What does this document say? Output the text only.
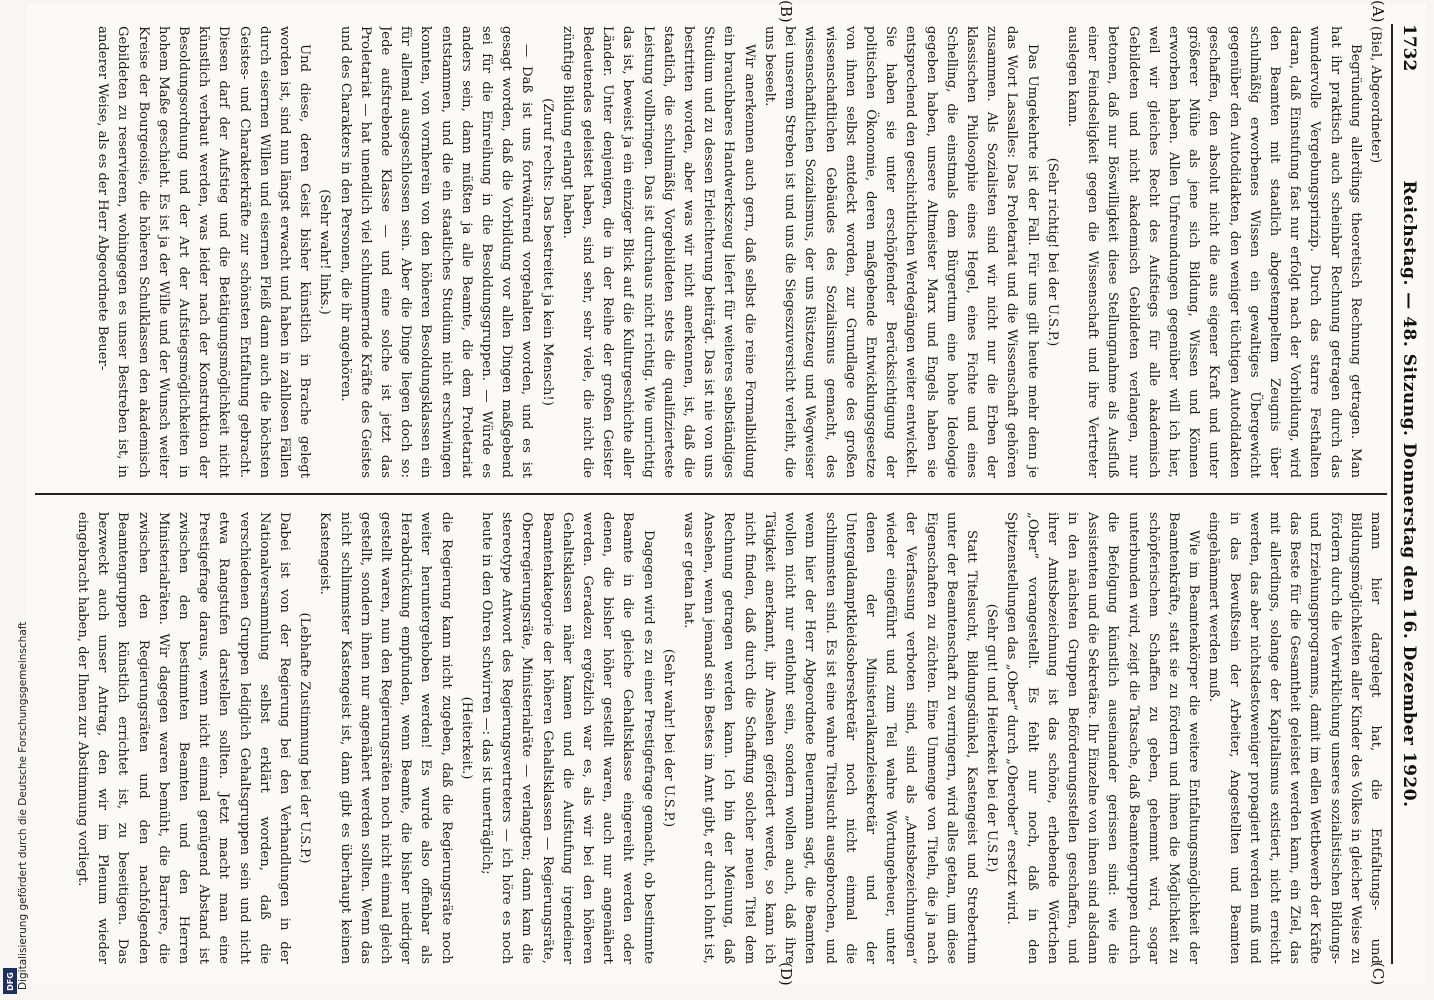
1732
Reichstag. — 48. Sitzung. Donnerstag den 16. Dezember 1920.
(A)
(B)
(C)
(D)

(Biel, Abgeordneter)

Begründung allerdings theoretisch Rechnung getragen. Man hat ihr praktisch auch scheinbar Rechnung getragen durch das wundervolle Vergebungsprinzip. Durch das starre Festhalten daran, daß Einstufung fast nur erfolgt nach der Vorbildung, wird den Beamten mit staatlich abgestempeltem Zeugnis über schulmäßig erworbenes Wissen ein gewaltiges Übergewicht gegenüber den Autodidakten, den weniger tüchtigen Autodidakten geschaffen, den absolut nicht die aus eigener Kraft und unter größerer Mühe als jene sich Bildung, Wissen und Können erworben haben. Allen Unfreundungen gegenüber will ich hier, weil wir gleiches Recht des Aufstiegs für alle akademisch Gebildeten und nicht akademisch Gebildeten verlangen, nur betonen, daß nur Böswilligkeit diese Stellungnahme als Ausfluß einer Feindseligkeit gegen die Wissenschaft und ihre Vertreter auslegen kann.

(Sehr richtig! bei der U.S.P.)

Das Umgekehrte ist der Fall. Für uns gilt heute mehr denn je das Wort Lassalles: Das Proletariat und die Wissenschaft gehören zusammen. Als Sozialisten sind wir nicht nur die Erben der klassischen Philosophie eines Hegel, eines Fichte und eines Schelling, die einstmals dem Bürgertum eine hohe Ideologie gegeben haben, unsere Altmeister Marx und Engels haben sie entsprechend den geschichtlichen Werdegängen weiter entwickelt. Sie haben sie unter erschöpfender Berücksichtigung der politischen Ökonomie, deren maßgebende Entwicklungsgesetze von ihnen selbst entdeckt worden, zur Grundlage des großen wissenschaftlichen Gebäudes des Sozialismus gemacht, des wissenschaftlichen Sozialismus, der uns Rüstzeug und Wegweiser bei unserem Streben ist und uns die Siegeszuversicht verleiht, die uns beseelt.

Wir anerkennen auch gern, daß selbst die reine Formalbildung ein brauchbares Handwerkszeug liefert für weiteres selbständiges Studium und zu dessen Erleichterung beiträgt. Das ist nie von uns bestritten worden, aber was wir nicht anerkennen, ist, daß die staatlich, die schulmäßig Vorgebildeten stets die qualifizierteste Leistung vollbringen. Das ist durchaus nicht richtig. Wie unrichtig das ist, beweist ja ein einziger Blick auf die Kulturgeschichte aller Länder. Unter denjenigen, die in der Reihe der großen Geister Bedeutendes geleistet haben, sind sehr, sehr viele, die nicht die zünftige Bildung erlangt haben.

(Zuruf rechts: Das bestreitet ja kein Mensch!)

— Daß ist uns fortwährend vorgehalten worden, und es ist gesagt worden, daß die Vorbildung vor allen Dingen maßgebend sei für die Einreihung in die Besoldungsgruppen. — Würde es anders sein, dann müßten ja alle Beamte, die dem Proletariat entstammen, und die ein staatliches Studium nicht erschwingen konnten, von vornherein von den höheren Besoldungsklassen ein für allemal ausgeschlossen sein. Aber die Dinge liegen doch so: Jede aufstrebende Klasse — und eine solche ist jetzt das Proletariat — hat unendlich viel schlummernde Kräfte des Geistes und des Charakters in den Personen, die ihr angehören.

(Sehr wahr! links.)

Und diese, deren Geist bisher künstlich in Brache gelegt worden ist, sind nun längst erwacht und haben in zahllosen Fällen durch eisernen Willen und eisernen Fleiß dann auch die höchsten Geistes- und Charakterkräfte zur schönsten Entfaltung gebracht. Diesen darf der Aufstieg und die Betätigungsmöglichkeit nicht künstlich verbaut werden, was leider nach der Konstruktion der Besoldungsordnung und der Art der Aufstiegsmöglichkeiten in hohem Maße geschieht. Es ist ja der Wille und der Wunsch weiter Kreise der Bourgeoisie, die höheren Schulklassen den akademisch Gebildeten zu reservieren, wohingegen es unser Bestreben ist, in anderer Weise, als es der Herr Abgeordnete Beuer-

mann hier dargelegt hat, die Entfaltungs- und Bildungsmöglichkeiten aller Kinder des Volkes in gleicher Weise zu fördern durch die Verwirklichung unseres sozialistischen Bildungs- und Erziehungsprogramms, damit im edlen Wettbewerb der Kräfte das Beste für die Gesamtheit geleistet werden kann, ein Ziel, das mit allerdings, solange der Kapitalismus existiert, nicht erreicht werden, das aber nichtsdestoweniger propagiert werden muß und in das Bewußtsein der Arbeiter, Angestellten und Beamten eingehämmert werden muß.

Wie im Beamtenkörper die weitere Entfaltungsmöglichkeit der Beamtenkräfte, statt sie zu fördern und ihnen die Möglichkeit zu schöpferischem Schaffen zu geben, gehemmt wird, sogar unterbunden wird, zeigt die Tatsache, daß Beamtengruppen durch die Befolgung künstlich auseinander gerissen sind: wie die Assistenten und die Sekretäre. Ihr Einzelne von ihnen sind alsdann in den nächsten Gruppen Beförderungsstellen geschaffen, und ihrer Amtsbezeichnung ist das schöne, erhebende Wörtchen „Ober“ vorangestellt. Es fehlt nur noch, daß in den Spitzenstellungen das „Ober“ durch „Oberober“ ersetzt wird.

(Sehr gut! und Heiterkeit bei der U.S.P.)

Statt Titelsucht, Bildungsdünkel, Kastengeist und Strebertum unter der Beamtenschaft zu verringern, wird alles getan, um diese Eigenschaften zu züchten. Eine Unmenge von Titeln, die ja nach der Verfassung verboten sind, sind als „Amtsbezeichnungen“ wieder eingeführt und zum Teil wahre Wortungeheuer, unter denen der Ministerialkanzleisekretär und der Untergaldamptkleidsobersekretär noch nicht einmal die schlimmsten sind. Es ist eine wahre Titelsucht ausgebrochen, und wenn hier der Herr Abgeordnete Beuermann sagt, die Beamten wollen nicht nur entlohnt sein, sondern wollen auch, daß ihre Tätigkeit anerkannt, ihr Ansehen gefördert werde, so kann ich nicht finden, daß durch die Schaffung solcher neuen Titel dem Rechnung getragen werden kann. Ich bin der Meinung, daß Ansehen, wenn jemand sein Bestes im Amt gibt, er durch lohnt ist, was er getan hat.

(Sehr wahr! bei der U.S.P.)

Dagegen wird es zu einer Prestigefrage gemacht, ob bestimmte Beamte in die gleiche Gehaltsklasse eingereiht werden oder denen, die bisher höher gestellt waren, auch nur angenähert werden. Geradezu ergötzlich war es, als wir bei den höheren Gehaltsklassen näher kamen und die Aufstufung irgendeiner Beamtenkategorie der höheren Gehaltsklassen — Regierungsräte, Oberregierungsräte, Ministerialräte — verlangten; dann kam die stereotype Antwort des Regierungsvertreters — ich höre es noch heute in den Ohren schwirren —: das ist unerträglich;

(Heiterkeit.)

die Regierung kann nicht zugeben, daß die Regierungsräte noch weiter heruntergehoben werden! Es wurde also offenbar als Herabdrückung empfunden, wenn Beamte, die bisher niedriger gestellt waren, nun den Regierungsräten noch nicht einmal gleich gestellt, sondern ihnen nur angenähert werden sollten. Wenn das nicht schlimmster Kastengeist ist, dann gibt es überhaupt keinen Kastengeist.

(Lebhafte Zustimmung bei der U.S.P.)

Dabei ist von der Regierung bei den Verhandlungen in der Nationalversammlung selbst erklärt worden, daß die verschiedenen Gruppen lediglich Gehaltsgruppen sein und nicht etwa Rangstufen darstellen sollten. Jetzt macht man eine Prestigefrage daraus, wenn nicht einmal genügend Abstand ist zwischen den bestimmten Beamten und den Herren Ministerialräten. Wir dagegen waren bemüht, die Barriere, die zwischen den Regierungsräten und den nachfolgenden Beamtengruppen künstlich errichtet ist, zu beseitigen. Das bezweckt auch unser Antrag, den wir im Plenum wieder eingebracht haben, der Ihnen zur Abstimmung vorliegt.

Digitalisierung gefördert durch die Deutsche Forschungsgemeinschaft
DFG
